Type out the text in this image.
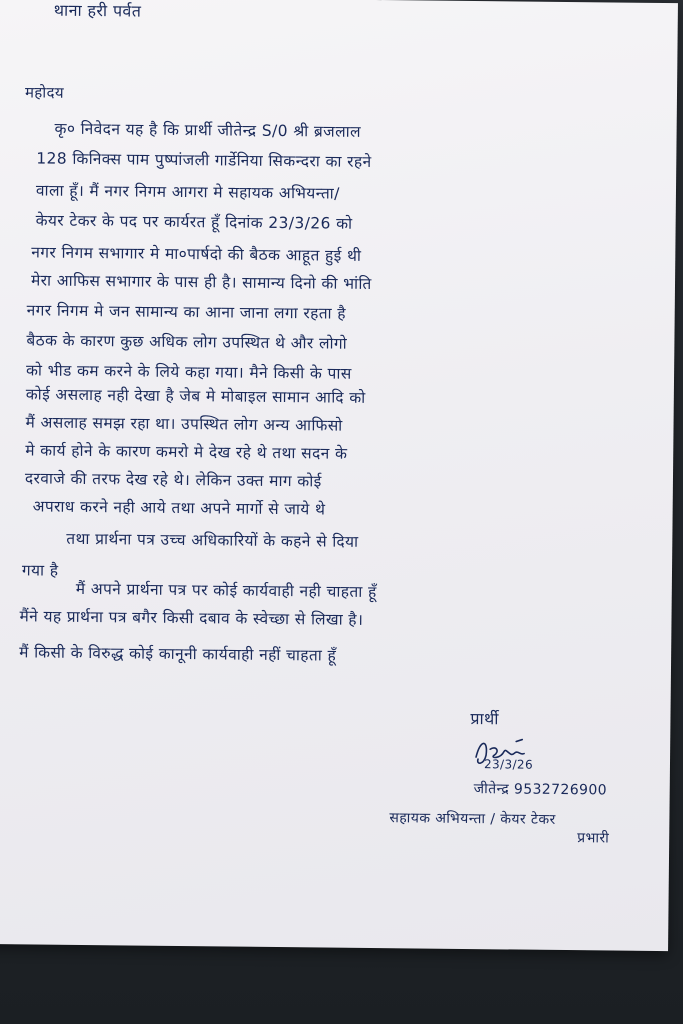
थाना हरी पर्वत
महोदय
कृ० निवेदन यह है कि प्रार्थी जीतेन्द्र S/0 श्री ब्रजलाल
128 किनिक्स पाम पुष्पांजली गार्डेनिया सिकन्दरा का रहने
वाला हूँ। मैं नगर निगम आगरा मे सहायक अभियन्ता/
केयर टेकर के पद पर कार्यरत हूँ दिनांक 23/3/26 को
नगर निगम सभागार मे मा०पार्षदो की बैठक आहूत हुई थी
मेरा आफिस सभागार के पास ही है। सामान्य दिनो की भांति
नगर निगम मे जन सामान्य का आना जाना लगा रहता है
बैठक के कारण कुछ अधिक लोग उपस्थित थे और लोगो
को भीड कम करने के लिये कहा गया। मैने किसी के पास
कोई असलाह नही देखा है जेब मे मोबाइल सामान आदि को
मैं असलाह समझ रहा था। उपस्थित लोग अन्य आफिसो
मे कार्य होने के कारण कमरो मे देख रहे थे तथा सदन के
दरवाजे की तरफ देख रहे थे। लेकिन उक्त माग कोई
अपराध करने नही आये तथा अपने मार्गो से जाये थे
तथा प्रार्थना पत्र उच्च अधिकारियों के कहने से दिया
गया है
मैं अपने प्रार्थना पत्र पर कोई कार्यवाही नही चाहता हूँ
मैंने यह प्रार्थना पत्र बगैर किसी दबाव के स्वेच्छा से लिखा है।
मैं किसी के विरुद्ध कोई कानूनी कार्यवाही नहीं चाहता हूँ
प्रार्थी
23/3/26
जीतेन्द्र 9532726900
सहायक अभियन्ता / केयर टेकर
प्रभारी
